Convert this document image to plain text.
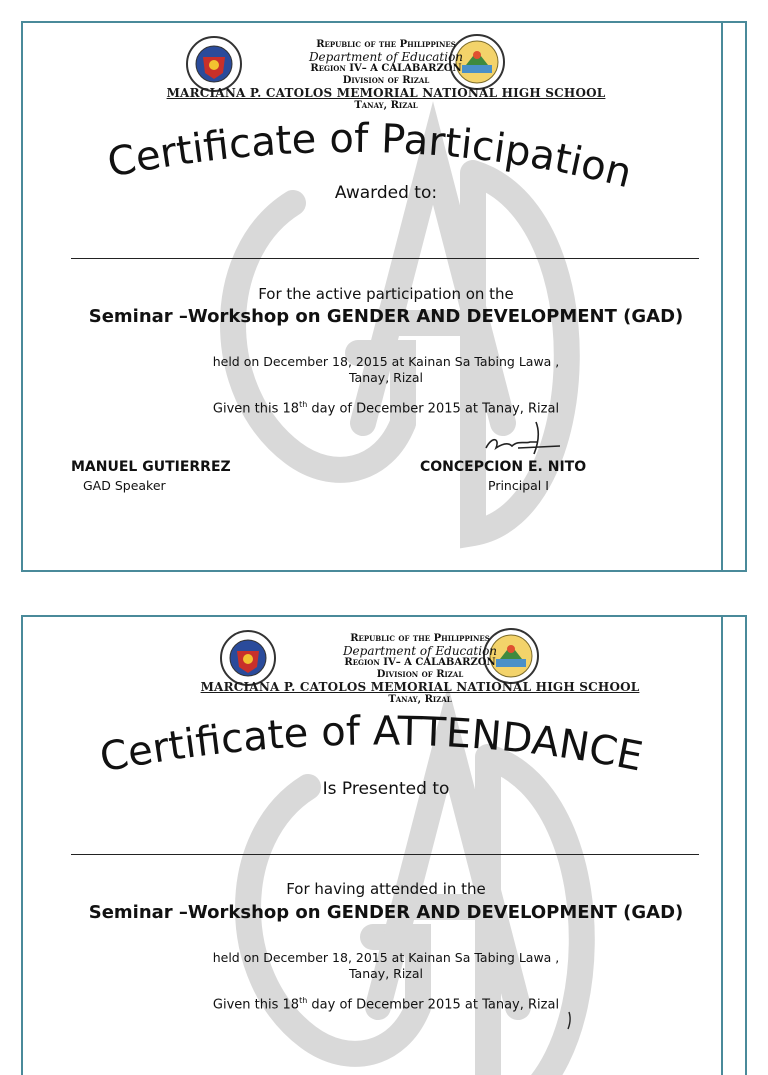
Republic of the Philippines
Department of Education
Region IV– A CALABARZON
Division of Rizal
MARCIANA P. CATOLOS MEMORIAL NATIONAL HIGH SCHOOL
Tanay, Rizal
Certificate of Participation
Awarded to:
For the active participation on the
Seminar –Workshop on GENDER AND DEVELOPMENT (GAD)
held on December 18, 2015 at Kainan Sa Tabing Lawa ,
Tanay, Rizal
Given this 18th day of December 2015 at Tanay, Rizal
MANUEL GUTIERREZ
GAD Speaker
CONCEPCION E. NITO
Principal I
Republic of the Philippines
Department of Education
Region IV– A CALABARZON
Division of Rizal
MARCIANA P. CATOLOS MEMORIAL NATIONAL HIGH SCHOOL
Tanay, Rizal
Certificate of ATTENDANCE
Is Presented to
For having attended in the
Seminar –Workshop on GENDER AND DEVELOPMENT (GAD)
held on December 18, 2015 at Kainan Sa Tabing Lawa ,
Tanay, Rizal
Given this 18th day of December 2015 at Tanay, Rizal
